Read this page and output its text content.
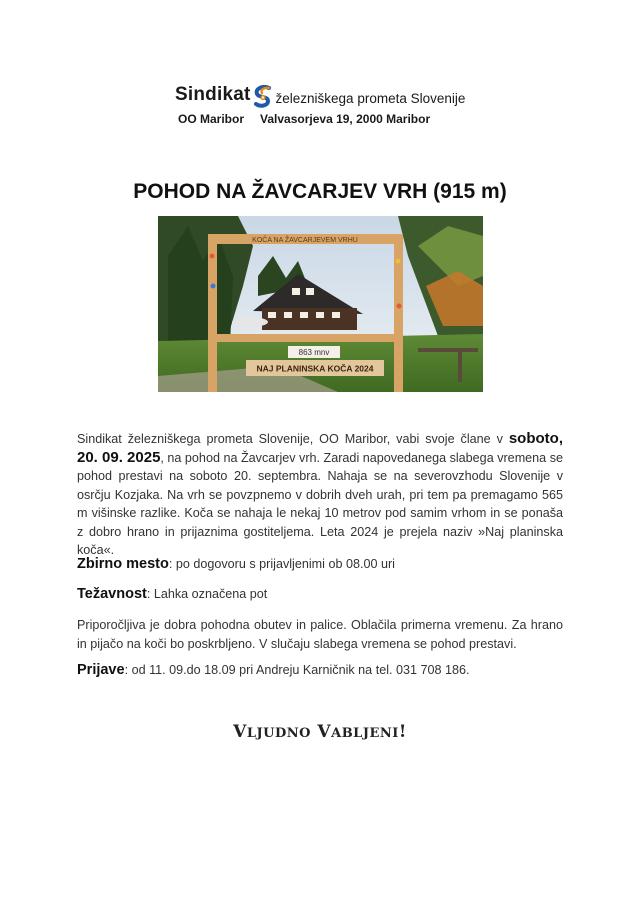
Sindikat železniškega prometa Slovenije
OO Maribor Valvasorjeva 19, 2000 Maribor
POHOD NA ŽAVCARJEV VRH (915 m)
KOČA NA ŽAVCARJEVEM VRHU
863 mnv
NAJ PLANINSKA KOČA 2024
Sindikat železniškega prometa Slovenije, OO Maribor, vabi svoje člane v soboto, 20. 09. 2025, na pohod na Žavcarjev vrh. Zaradi napovedanega slabega vremena se pohod prestavi na soboto 20. septembra. Nahaja se na severovzhodu Slovenije v osrčju Kozjaka. Na vrh se povzpnemo v dobrih dveh urah, pri tem pa premagamo 565 m višinske razlike. Koča se nahaja le nekaj 10 metrov pod samim vrhom in se ponaša z dobro hrano in prijaznima gostiteljema. Leta 2024 je prejela naziv »Naj planinska koča«.
Zbirno mesto: po dogovoru s prijavljenimi ob 08.00 uri
Težavnost: Lahka označena pot
Priporočljiva je dobra pohodna obutev in palice. Oblačila primerna vremenu. Za hrano in pijačo na koči bo poskrbljeno. V slučaju slabega vremena se pohod prestavi.
Prijave: od 11. 09.do 18.09 pri Andreju Karničnik na tel. 031 708 186.
VLJUDNO VABLJENI!
